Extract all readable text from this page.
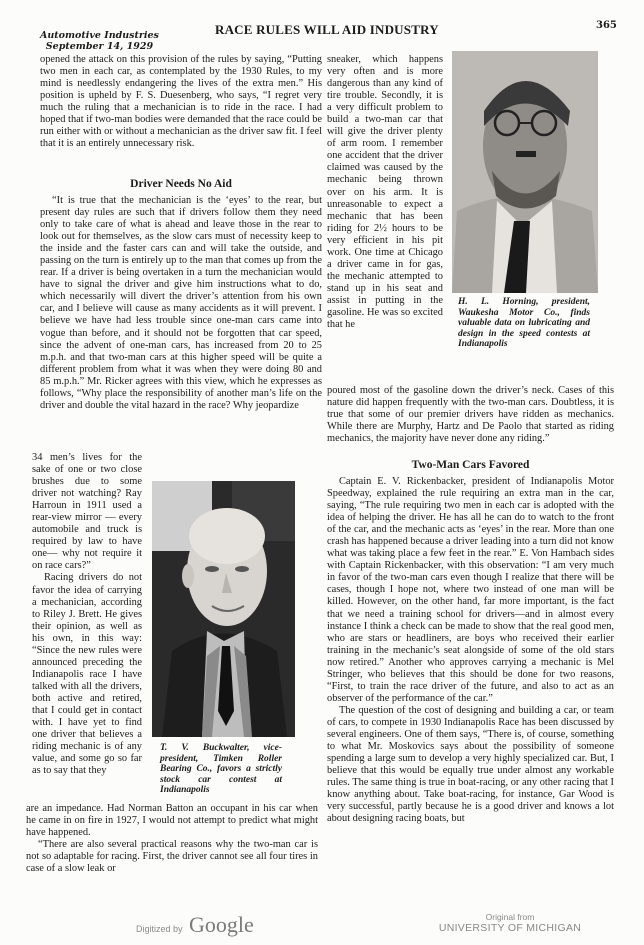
Automotive Industries
September 14, 1929
RACE RULES WILL AID INDUSTRY	365

opened the attack on this provision of the rules by saying, “Putting two men in each car, as contemplated by the 1930 Rules, to my mind is needlessly endangering the lives of the extra men.” His position is upheld by F. S. Duesenberg, who says, “I regret very much the ruling that a mechanician is to ride in the race. I had hoped that if two-man bodies were demanded that the race could be run either with or without a mechanician as the driver saw fit. I feel that it is an entirely unnecessary risk.

Driver Needs No Aid

“It is true that the mechanician is the ‘eyes’ to the rear, but present day rules are such that if drivers follow them they need only to take care of what is ahead and leave those in the rear to look out for themselves, as the slow cars must of necessity keep to the inside and the faster cars can and will take the outside, and passing on the turn is entirely up to the man that comes up from the rear. If a driver is being overtaken in a turn the mechanician would have to signal the driver and give him instructions what to do, which necessarily will divert the driver’s attention from his own car, and I believe will cause as many accidents as it will prevent. I believe we have had less trouble since one-man cars came into vogue than before, and it should not be forgotten that car speed, since the advent of one-man cars, has increased from 20 to 25 m.p.h. and that two-man cars at this higher speed will be quite a different problem from what it was when they were doing 80 and 85 m.p.h.” Mr. Ricker agrees with this view, which he expresses as follows, “Why place the responsibility of another man’s life on the driver and double the vital hazard in the race? Why jeopardize

34 men’s lives for the sake of one or two close brushes due to some driver not watching? Ray Harroun in 1911 used a rear-view mirror — every automobile and truck is required by law to have one— why not require it on race cars?”

Racing drivers do not favor the idea of carrying a mechanician, according to Riley J. Brett. He gives their opinion, as well as his own, in this way: “Since the new rules were announced preceding the Indianapolis race I have talked with all the drivers, both active and retired, that I could get in contact with. I have yet to find one driver that believes a riding mechanic is of any value, and some go so far as to say that they

T. V. Buckwalter, vice-president, Timken Roller Bearing Co., favors a strictly stock car contest at Indianapolis

are an impedance. Had Norman Batton an occupant in his car when he came in on fire in 1927, I would not attempt to predict what might have happened.

“There are also several practical reasons why the two-man car is not so adaptable for racing. First, the driver cannot see all four tires in case of a slow leak or

sneaker, which happens very often and is more dangerous than any kind of tire trouble. Secondly, it is a very difficult problem to build a two-man car that will give the driver plenty of arm room. I remember one accident that the driver claimed was caused by the mechanic being thrown over on his arm. It is unreasonable to expect a mechanic that has been riding for 2½ hours to be very efficient in his pit work. One time at Chicago a driver came in for gas, the mechanic attempted to stand up in his seat and assist in putting in the gasoline. He was so excited that he

H. L. Horning, president, Waukesha Motor Co., finds valuable data on lubricating and design in the speed contests at Indianapolis

poured most of the gasoline down the driver’s neck. Cases of this nature did happen frequently with the two-man cars. Doubtless, it is true that some of our premier drivers have ridden as mechanics. While there are Murphy, Hartz and De Paolo that started as riding mechanics, the majority have never done any riding.”

Two-Man Cars Favored

Captain E. V. Rickenbacker, president of Indianapolis Motor Speedway, explained the rule requiring an extra man in the car, saying, “The rule requiring two men in each car is adopted with the idea of helping the driver. He has all he can do to watch to the front of the car, and the mechanic acts as ‘eyes’ in the rear. More than one crash has happened because a driver leading into a turn did not know what was taking place a few feet in the rear.” E. Von Hambach sides with Captain Rickenbacker, with this observation: “I am very much in favor of the two-man cars even though I realize that there will be cases, though I hope not, where two instead of one man will be killed. However, on the other hand, far more important, is the fact that we need a training school for drivers—and in almost every instance I think a check can be made to show that the real good men, who are stars or headliners, are boys who received their earlier training in the mechanic’s seat alongside of some of the old stars now retired.” Another who approves carrying a mechanic is Mel Stringer, who believes that this should be done for two reasons, “First, to train the race driver of the future, and also to act as an observer of the performance of the car.”

The question of the cost of designing and building a car, or team of cars, to compete in 1930 Indianapolis Race has been discussed by several engineers. One of them says, “There is, of course, something to what Mr. Moskovics says about the possibility of someone spending a large sum to develop a very highly specialized car. But, I believe that this would be equally true under almost any workable rules. The same thing is true in boat-racing, or any other racing that I know anything about. Take boat-racing, for instance, Gar Wood is very successful, partly because he is a good driver and knows a lot about designing racing boats, but

Digitized by Google	Original from
UNIVERSITY OF MICHIGAN
